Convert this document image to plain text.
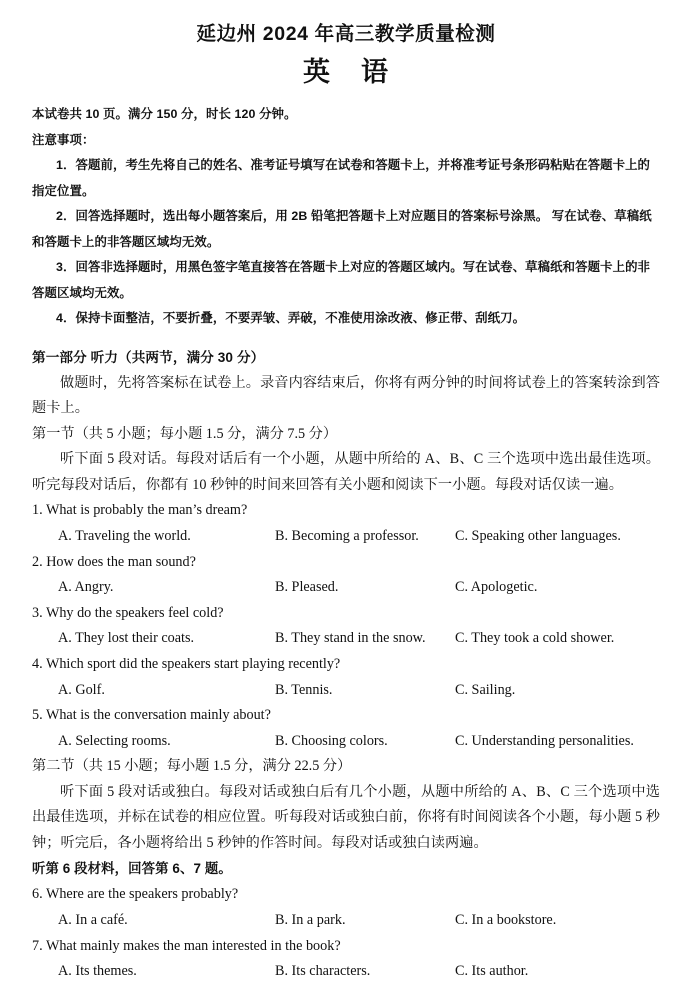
延边州 2024 年高三教学质量检测
英 语

本试卷共 10 页。满分 150 分，时长 120 分钟。

注意事项：

1．答题前，考生先将自己的姓名、准考证号填写在试卷和答题卡上，并将准考证号条形码粘贴在答题卡上的指定位置。

2．回答选择题时，选出每小题答案后，用 2B 铅笔把答题卡上对应题目的答案标号涂黑。 写在试卷、草稿纸和答题卡上的非答题区域均无效。

3．回答非选择题时，用黑色签字笔直接答在答题卡上对应的答题区域内。写在试卷、草稿纸和答题卡上的非答题区域均无效。

4．保持卡面整洁，不要折叠，不要弄皱、弄破，不准使用涂改液、修正带、刮纸刀。

第一部分 听力（共两节，满分 30 分）

做题时，先将答案标在试卷上。录音内容结束后，你将有两分钟的时间将试卷上的答案转涂到答题卡上。

第一节（共 5 小题；每小题 1.5 分，满分 7.5 分）

听下面 5 段对话。每段对话后有一个小题，从题中所给的 A、B、C 三个选项中选出最佳选项。听完每段对话后，你都有 10 秒钟的时间来回答有关小题和阅读下一小题。每段对话仅读一遍。

1. What is probably the man’s dream?
A. Traveling the world.	B. Becoming a professor.	C. Speaking other languages.
2. How does the man sound?
A. Angry.	B. Pleased.	C. Apologetic.
3. Why do the speakers feel cold?
A. They lost their coats.	B. They stand in the snow. C. They took a cold shower.
4. Which sport did the speakers start playing recently?
A. Golf.	B. Tennis.	C. Sailing.
5. What is the conversation mainly about?
A. Selecting rooms.	B. Choosing colors.	C. Understanding personalities.
第二节（共 15 小题；每小题 1.5 分，满分 22.5 分）

听下面 5 段对话或独白。每段对话或独白后有几个小题，从题中所给的 A、B、C 三个选项中选出最佳选项，并标在试卷的相应位置。听每段对话或独白前，你将有时间阅读各个小题，每小题 5 秒钟；听完后，各小题将给出 5 秒钟的作答时间。每段对话或独白读两遍。

听第 6 段材料，回答第 6、7 题。
6. Where are the speakers probably?
A. In a café.	B. In a park.	C. In a bookstore.
7. What mainly makes the man interested in the book?
A. Its themes.	B. Its characters.	C. Its author.
